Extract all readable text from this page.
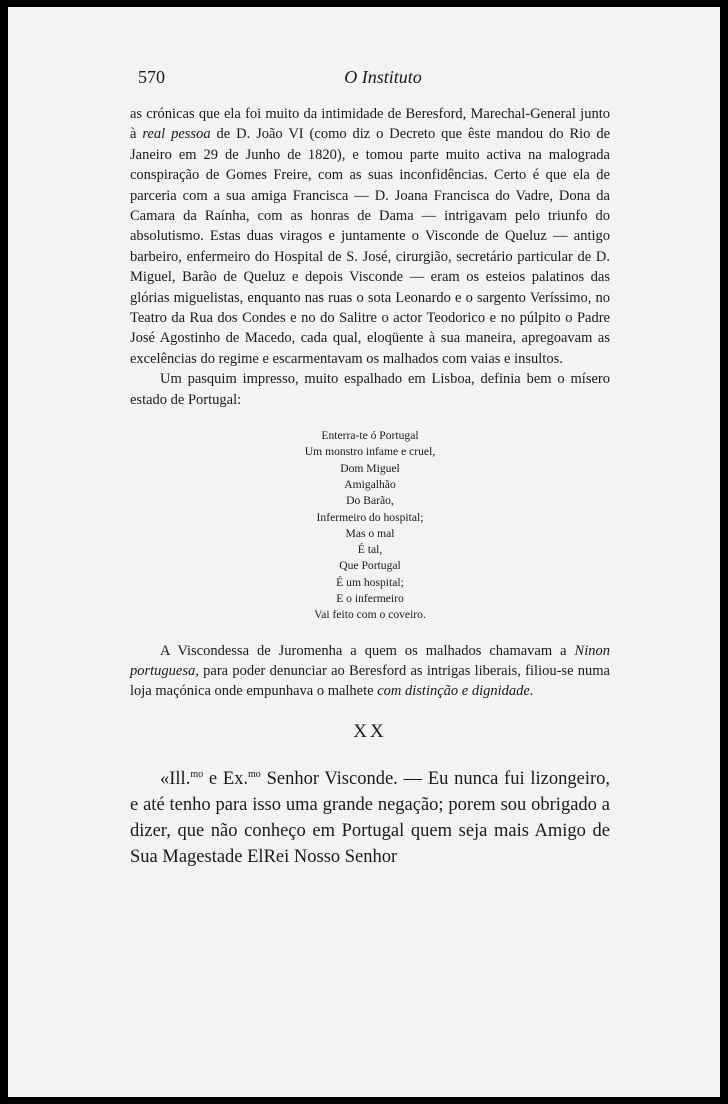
570	O Instituto

as crónicas que ela foi muito da intimidade de Beresford, Marechal-General junto à real pessoa de D. João VI (como diz o Decreto que êste mandou do Rio de Janeiro em 29 de Junho de 1820), e tomou parte muito activa na malograda conspiração de Gomes Freire, com as suas inconfidências. Certo é que ela de parceria com a sua amiga Francisca — D. Joana Francisca do Vadre, Dona da Camara da Raínha, com as honras de Dama — intrigavam pelo triunfo do absolutismo. Estas duas viragos e juntamente o Visconde de Queluz — antigo barbeiro, enfermeiro do Hospital de S. José, cirurgião, secretário particular de D. Miguel, Barão de Queluz e depois Visconde — eram os esteios palatinos das glórias miguelistas, enquanto nas ruas o sota Leonardo e o sargento Veríssimo, no Teatro da Rua dos Condes e no do Salitre o actor Teodorico e no púlpito o Padre José Agostinho de Macedo, cada qual, eloqüente à sua maneira, apregoavam as excelências do regime e escarmentavam os malhados com vaias e insultos.

Um pasquim impresso, muito espalhado em Lisboa, definia bem o mísero estado de Portugal:

Enterra-te ó Portugal
Um monstro infame e cruel,
Dom Miguel
Amigalhão
Do Barão,
Infermeiro do hospital;
Mas o mal
É tal,
Que Portugal
É um hospital;
E o infermeiro
Vai feito com o coveiro.

A Viscondessa de Juromenha a quem os malhados chamavam a Ninon portuguesa, para poder denunciar ao Beresford as intrigas liberais, filiou-se numa loja maçónica onde empunhava o malhete com distinção e dignidade.

XX

«Ill.$^{mo}$ e Ex.$^{mo}$ Senhor Visconde. — Eu nunca fui lizongeiro, e até tenho para isso uma grande negação; porem sou obrigado a dizer, que não conheço em Portugal quem seja mais Amigo de Sua Magestade ElRei Nosso Senhor
